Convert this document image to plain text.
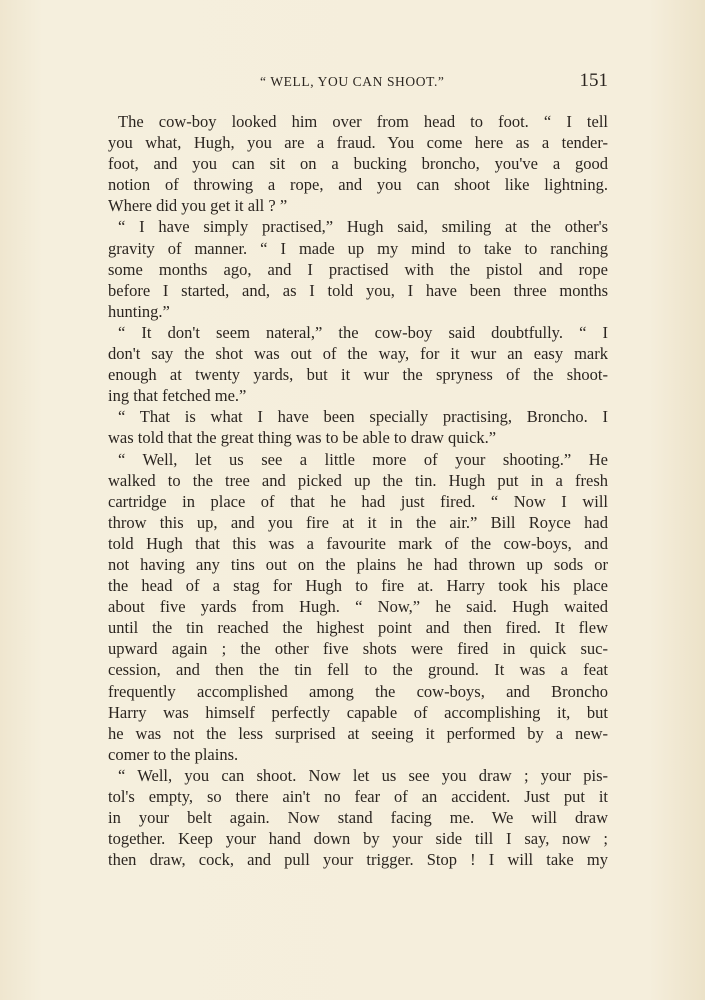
“ WELL, YOU CAN SHOOT.”	151
The cow-boy looked him over from head to foot. “ I tell
you what, Hugh, you are a fraud. You come here as a tender-
foot, and you can sit on a bucking broncho, you've a good
notion of throwing a rope, and you can shoot like lightning.
Where did you get it all ? ”
“ I have simply practised,” Hugh said, smiling at the other's
gravity of manner. “ I made up my mind to take to ranching
some months ago, and I practised with the pistol and rope
before I started, and, as I told you, I have been three months
hunting.”
“ It don't seem nateral,” the cow-boy said doubtfully. “ I
don't say the shot was out of the way, for it wur an easy mark
enough at twenty yards, but it wur the spryness of the shoot-
ing that fetched me.”
“ That is what I have been specially practising, Broncho. I
was told that the great thing was to be able to draw quick.”
“ Well, let us see a little more of your shooting.” He
walked to the tree and picked up the tin. Hugh put in a fresh
cartridge in place of that he had just fired. “ Now I will
throw this up, and you fire at it in the air.” Bill Royce had
told Hugh that this was a favourite mark of the cow-boys, and
not having any tins out on the plains he had thrown up sods or
the head of a stag for Hugh to fire at. Harry took his place
about five yards from Hugh. “ Now,” he said. Hugh waited
until the tin reached the highest point and then fired. It flew
upward again ; the other five shots were fired in quick suc-
cession, and then the tin fell to the ground. It was a feat
frequently accomplished among the cow-boys, and Broncho
Harry was himself perfectly capable of accomplishing it, but
he was not the less surprised at seeing it performed by a new-
comer to the plains.
“ Well, you can shoot. Now let us see you draw ; your pis-
tol's empty, so there ain't no fear of an accident. Just put it
in your belt again. Now stand facing me. We will draw
together. Keep your hand down by your side till I say, now ;
then draw, cock, and pull your trigger. Stop ! I will take my
